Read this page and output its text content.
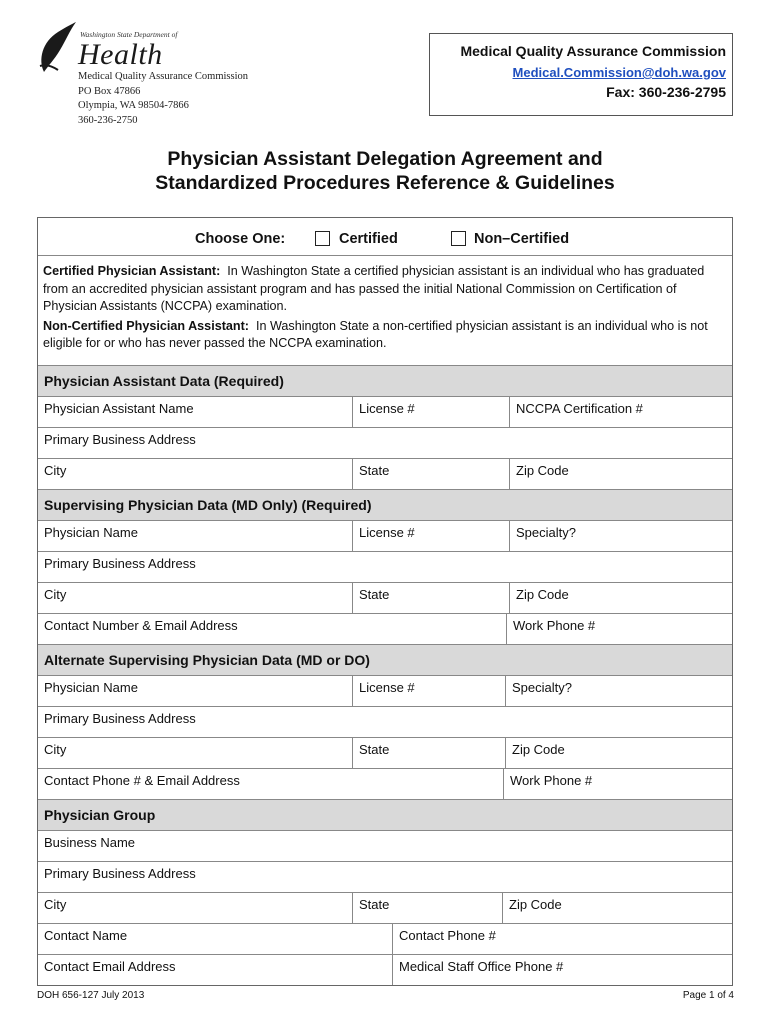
Washington State Department of
Health
Medical Quality Assurance Commission
PO Box 47866
Olympia, WA 98504-7866
360-236-2750
Medical Quality Assurance Commission
Medical.Commission@doh.wa.gov
Fax: 360-236-2795
Physician Assistant Delegation Agreement and
Standardized Procedures Reference & Guidelines
Choose One:	Certified	Non–Certified

Certified Physician Assistant: In Washington State a certified physician assistant is an individual who has graduated from an accredited physician assistant program and has passed the initial National Commission on Certification of Physician Assistants (NCCPA) examination.

Non-Certified Physician Assistant: In Washington State a non-certified physician assistant is an individual who is not eligible for or who has never passed the NCCPA examination.

Physician Assistant Data (Required)
Physician Assistant Name	License #	NCCPA Certification #
Primary Business Address
City	State	Zip Code
Supervising Physician Data (MD Only) (Required)
Physician Name	License #	Specialty?
Primary Business Address
City	State	Zip Code
Contact Number & Email Address	Work Phone #
Alternate Supervising Physician Data (MD or DO)
Physician Name	License #	Specialty?
Primary Business Address
City	State	Zip Code
Contact Phone # & Email Address	Work Phone #
Physician Group
Business Name
Primary Business Address
City	State	Zip Code
Contact Name	Contact Phone #
Contact Email Address	Medical Staff Office Phone #
DOH 656-127 July 2013	Page 1 of 4
